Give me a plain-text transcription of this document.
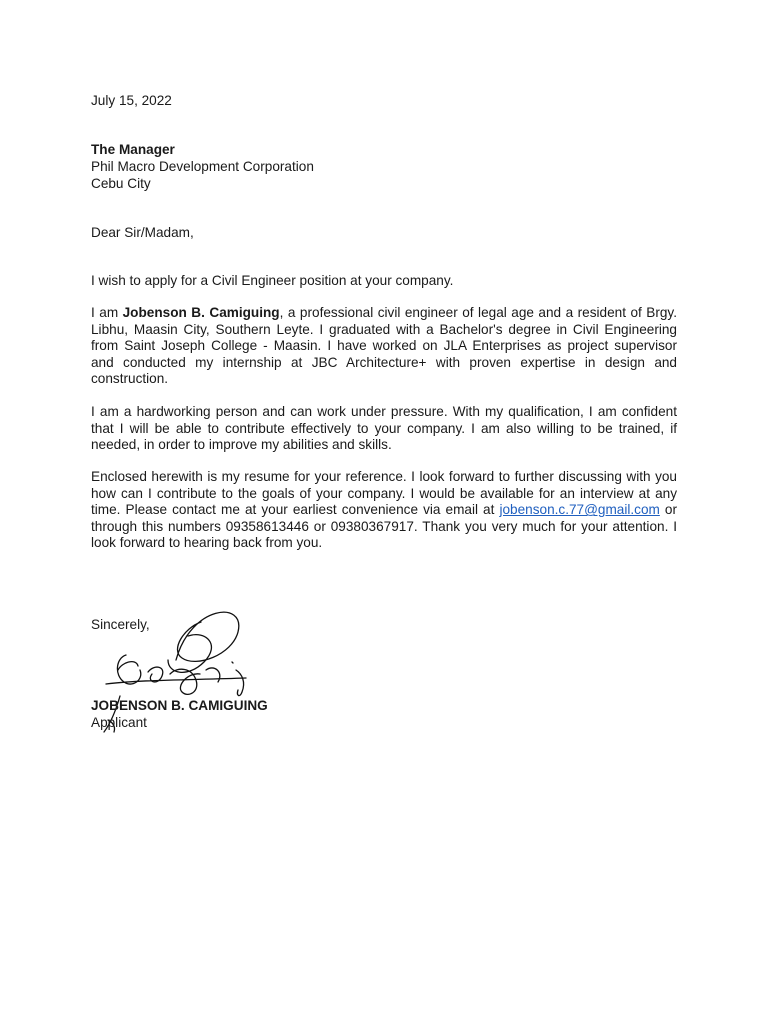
July 15, 2022
The Manager
Phil Macro Development Corporation
Cebu City
Dear Sir/Madam,
I wish to apply for a Civil Engineer position at your company.
I am Jobenson B. Camiguing, a professional civil engineer of legal age and a resident of Brgy.
Libhu, Maasin City, Southern Leyte. I graduated with a Bachelor's degree in Civil Engineering
from Saint Joseph College - Maasin. I have worked on JLA Enterprises as project supervisor
and conducted my internship at JBC Architecture+ with proven expertise in design and
construction.
I am a hardworking person and can work under pressure. With my qualification, I am confident
that I will be able to contribute effectively to your company. I am also willing to be trained, if
needed, in order to improve my abilities and skills.
Enclosed herewith is my resume for your reference. I look forward to further discussing with you
how can I contribute to the goals of your company. I would be available for an interview at any
time. Please contact me at your earliest convenience via email at jobenson.c.77@gmail.com or
through this numbers 09358613446 or 09380367917. Thank you very much for your attention. I
look forward to hearing back from you.
Sincerely,
JOBENSON B. CAMIGUING
Applicant
